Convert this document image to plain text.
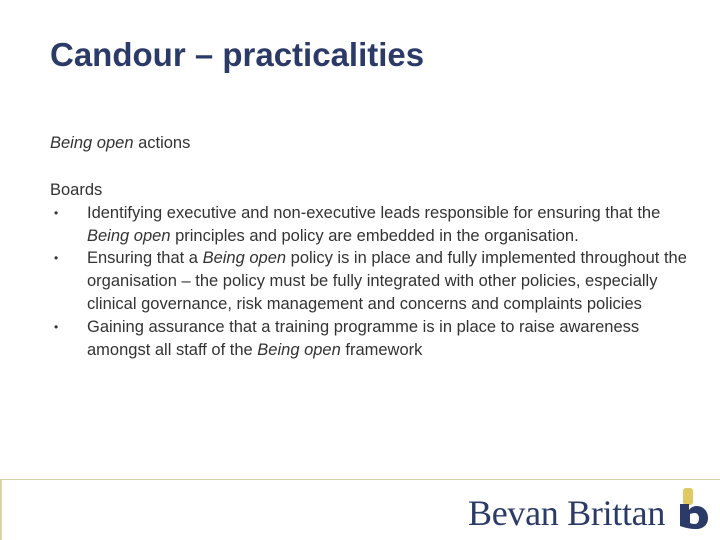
Candour – practicalities
Being open actions
Boards
• Identifying executive and non-executive leads responsible for ensuring that the Being open principles and policy are embedded in the organisation.
• Ensuring that a Being open policy is in place and fully implemented throughout the organisation – the policy must be fully integrated with other policies, especially clinical governance, risk management and concerns and complaints policies
• Gaining assurance that a training programme is in place to raise awareness amongst all staff of the Being open framework
Bevan Brittan
